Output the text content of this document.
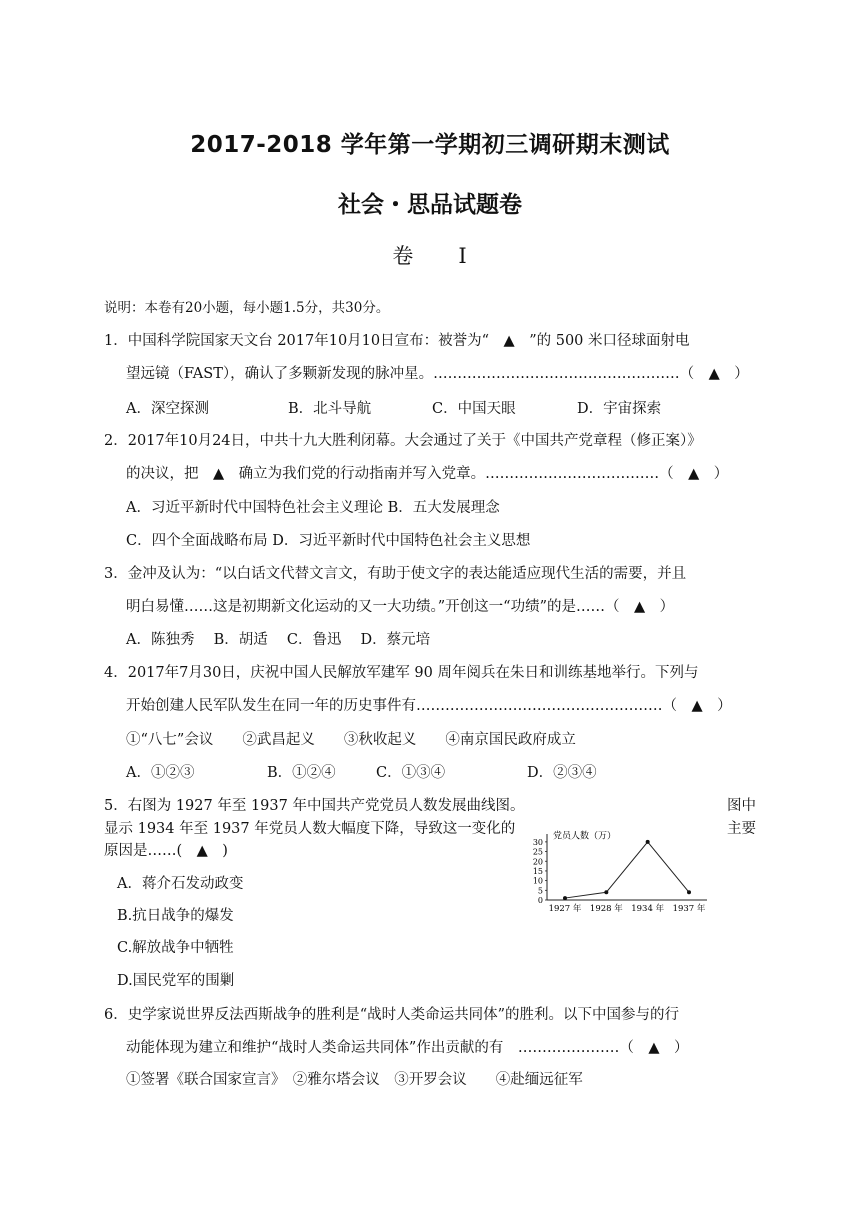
2017-2018 学年第一学期初三调研期末测试
社会・思品试题卷
卷　　I
说明：本卷有20小题，每小题1.5分，共30分。
1．中国科学院国家天文台 2017年10月10日宣布：被誉为“　▲　”的 500 米口径球面射电
望远镜（FAST），确认了多颗新发现的脉冲星。……………………………………………（　▲　）
A．深空探测	B．北斗导航	C．中国天眼	D．宇宙探索
2．2017年10月24日，中共十九大胜利闭幕。大会通过了关于《中国共产党章程（修正案）》
的决议，把　▲　确立为我们党的行动指南并写入党章。………………………………（　▲　）
A．习近平新时代中国特色社会主义理论 B．五大发展理念
C．四个全面战略布局 D．习近平新时代中国特色社会主义思想
3．金冲及认为：“以白话文代替文言文，有助于使文字的表达能适应现代生活的需要，并且
明白易懂……这是初期新文化运动的又一大功绩。”开创这一“功绩”的是……（　▲　）
A．陈独秀　 B．胡适　 C．鲁迅　 D．蔡元培
4．2017年7月30日，庆祝中国人民解放军建军 90 周年阅兵在朱日和训练基地举行。下列与
开始创建人民军队发生在同一年的历史事件有……………………………………………（　▲　）
①“八七”会议　　②武昌起义　　③秋收起义　　④南京国民政府成立
A．①②③	B．①②④	C．①③④	D．②③④
5．右图为 1927 年至 1937 年中国共产党党员人数发展曲线图。	图中
显示 1934 年至 1937 年党员人数大幅度下降，导致这一变化的	主要
原因是……(　▲　)
A．蒋介石发动政变
B.抗日战争的爆发
C.解放战争中牺牲
D.国民党军的围剿
党员人数（万）
0
5
10
15
20
25
30
1927 年 1928 年 1934 年 1937 年
6．史学家说世界反法西斯战争的胜利是“战时人类命运共同体”的胜利。以下中国参与的行
动能体现为建立和维护“战时人类命运共同体”作出贡献的有　…………………（　▲　）
①签署《联合国家宣言》　②雅尔塔会议　③开罗会议　　④赴缅远征军
